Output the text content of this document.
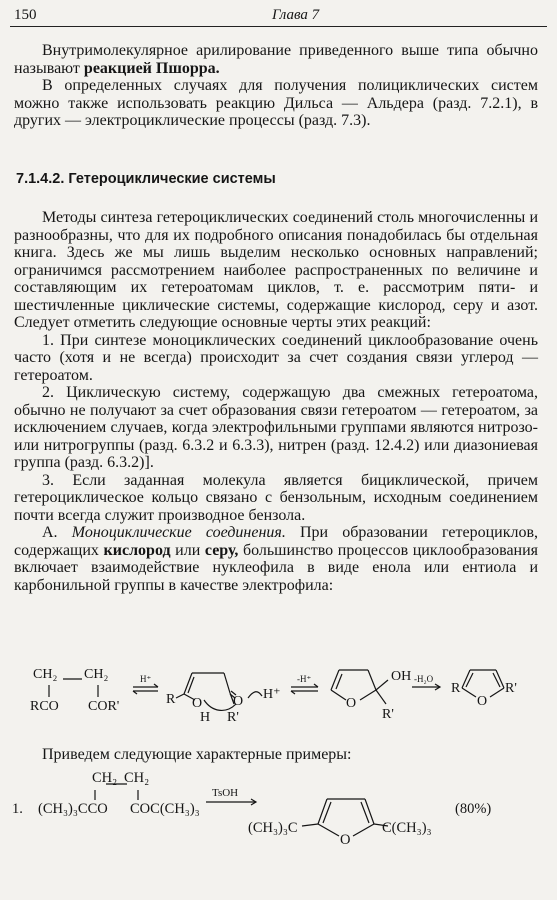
150	Глава 7

Внутримолекулярное арилирование приведенного выше типа обычно называют реакцией Пшорра.

В определенных случаях для получения полициклических систем можно также использовать реакцию Дильса — Альдера (разд. 7.2.1), в других — электроциклические процессы (разд. 7.3).

7.1.4.2. Гетероциклические системы

Методы синтеза гетероциклических соединений столь многочисленны и разнообразны, что для их подробного описания понадобилась бы отдельная книга. Здесь же мы лишь выделим несколько основных направлений; ограничимся рассмотрением наиболее распространенных по величине и составляющим их гетероатомам циклов, т. е. рассмотрим пяти- и шестичленные циклические системы, содержащие кислород, серу и азот. Следует отметить следующие основные черты этих реакций:

1. При синтезе моноциклических соединений циклообразование очень часто (хотя и не всегда) происходит за счет создания связи углерод — гетероатом.

2. Циклическую систему, содержащую два смежных гетероатома, обычно не получают за счет образования связи гетероатом — гетероатом, за исключением случаев, когда электрофильными группами являются нитрозо- или нитрогруппы (разд. 6.3.2 и 6.3.3), нитрен (разд. 12.4.2) или диазониевая группа (разд. 6.3.2)].

3. Если заданная молекула является бициклической, причем гетероциклическое кольцо связано с бензольным, исходным соединением почти всегда служит производное бензола.

А. Моноциклические соединения. При образовании гетероциклов, содержащих кислород или серу, большинство процессов циклообразования включает взаимодействие нуклеофила в виде енола или ентиола и карбонильной группы в качестве электрофила:

CH₂ CH₂
RCO COR'
H⁺
R O
H
O
R'
H⁺
-H⁺	OH
O
R'
-H₂O
R
O
R'

Приведем следующие характерные примеры:

1.
CH₂ CH₂
(CH₃)₃CCO COC(CH₃)₃
TsOH
(CH₃)₃C
O
C(CH₃)₃
(80%)
